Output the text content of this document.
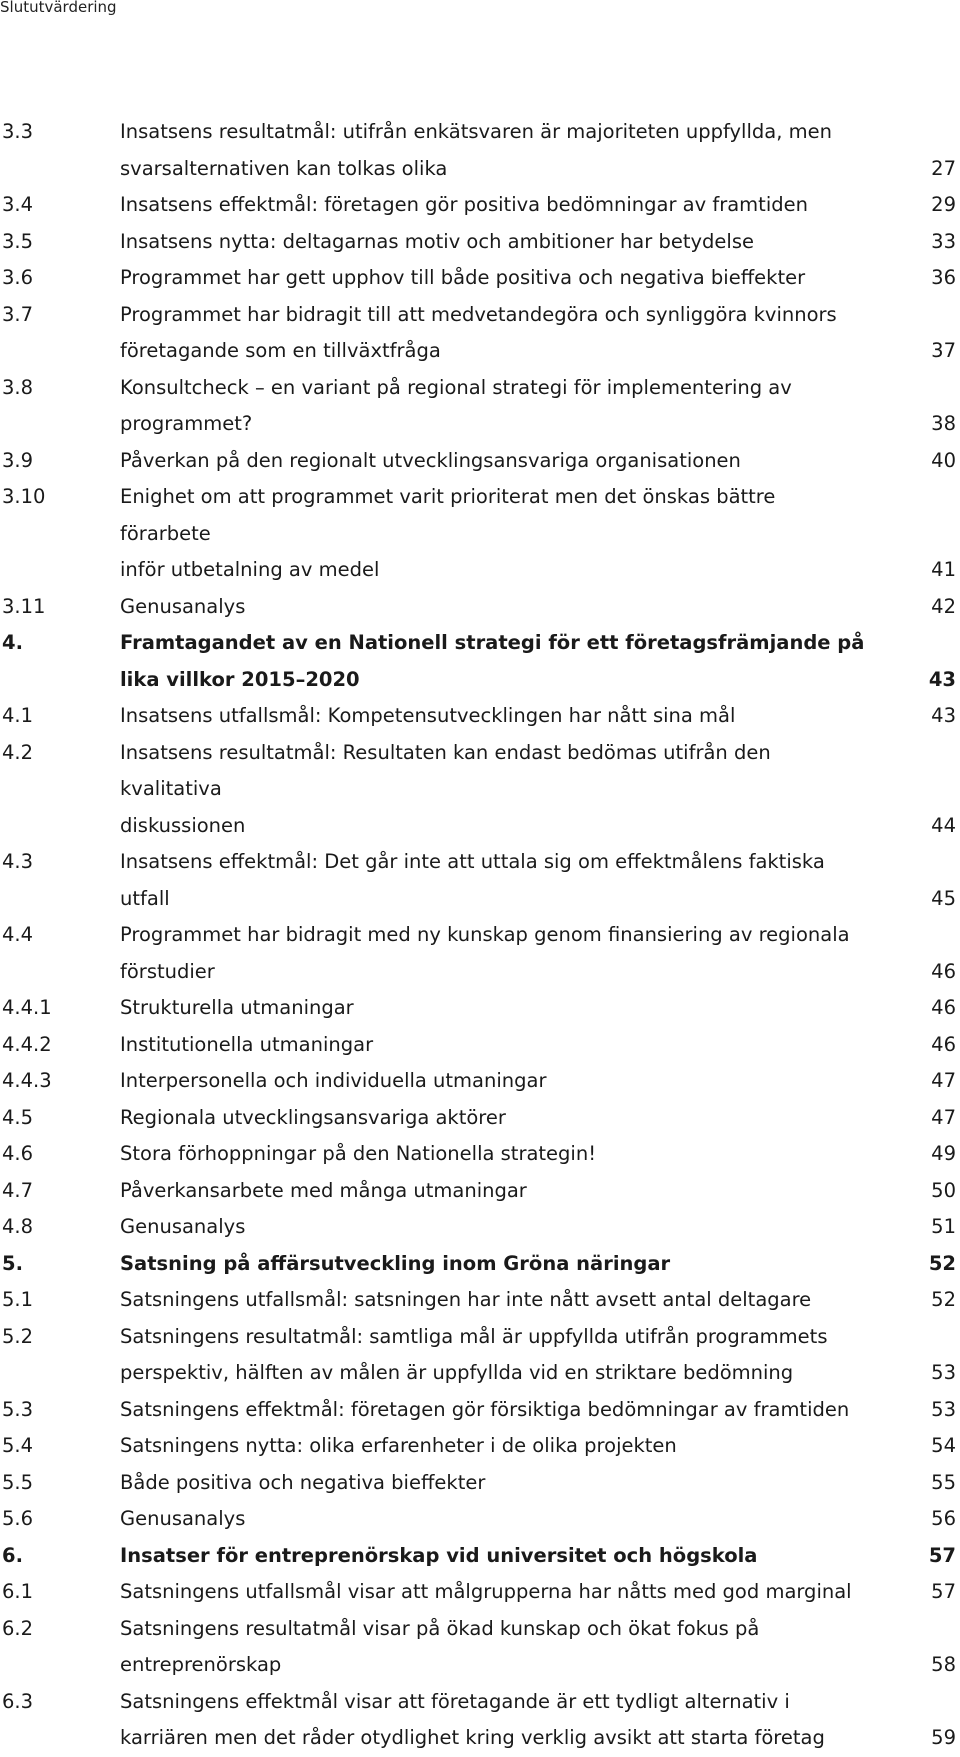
Slututvärdering
3.3	Insatsens resultatmål: utifrån enkätsvaren är majoriteten uppfyllda, men
svarsalternativen kan tolkas olika	27
3.4	Insatsens effektmål: företagen gör positiva bedömningar av framtiden	29
3.5	Insatsens nytta: deltagarnas motiv och ambitioner har betydelse	33
3.6	Programmet har gett upphov till både positiva och negativa bieffekter	36
3.7	Programmet har bidragit till att medvetandegöra och synliggöra kvinnors
företagande som en tillväxtfråga	37
3.8	Konsultcheck – en variant på regional strategi för implementering av
programmet?	38
3.9	Påverkan på den regionalt utvecklingsansvariga organisationen	40
3.10	Enighet om att programmet varit prioriterat men det önskas bättre förarbete
inför utbetalning av medel	41
3.11	Genusanalys	42
4.	Framtagandet av en Nationell strategi för ett företagsfrämjande på
lika villkor 2015–2020	43
4.1	Insatsens utfallsmål: Kompetensutvecklingen har nått sina mål	43
4.2	Insatsens resultatmål: Resultaten kan endast bedömas utifrån den kvalitativa
diskussionen	44
4.3	Insatsens effektmål: Det går inte att uttala sig om effektmålens faktiska
utfall	45
4.4	Programmet har bidragit med ny kunskap genom finansiering av regionala
förstudier	46
4.4.1	Strukturella utmaningar	46
4.4.2	Institutionella utmaningar	46
4.4.3	Interpersonella och individuella utmaningar	47
4.5	Regionala utvecklingsansvariga aktörer	47
4.6	Stora förhoppningar på den Nationella strategin!	49
4.7	Påverkansarbete med många utmaningar	50
4.8	Genusanalys	51
5.	Satsning på affärsutveckling inom Gröna näringar	52
5.1	Satsningens utfallsmål: satsningen har inte nått avsett antal deltagare	52
5.2	Satsningens resultatmål: samtliga mål är uppfyllda utifrån programmets
perspektiv, hälften av målen är uppfyllda vid en striktare bedömning	53
5.3	Satsningens effektmål: företagen gör försiktiga bedömningar av framtiden	53
5.4	Satsningens nytta: olika erfarenheter i de olika projekten	54
5.5	Både positiva och negativa bieffekter	55
5.6	Genusanalys	56
6.	Insatser för entreprenörskap vid universitet och högskola	57
6.1	Satsningens utfallsmål visar att målgrupperna har nåtts med god marginal	57
6.2	Satsningens resultatmål visar på ökad kunskap och ökat fokus på
entreprenörskap	58
6.3	Satsningens effektmål visar att företagande är ett tydligt alternativ i
karriären men det råder otydlighet kring verklig avsikt att starta företag	59
